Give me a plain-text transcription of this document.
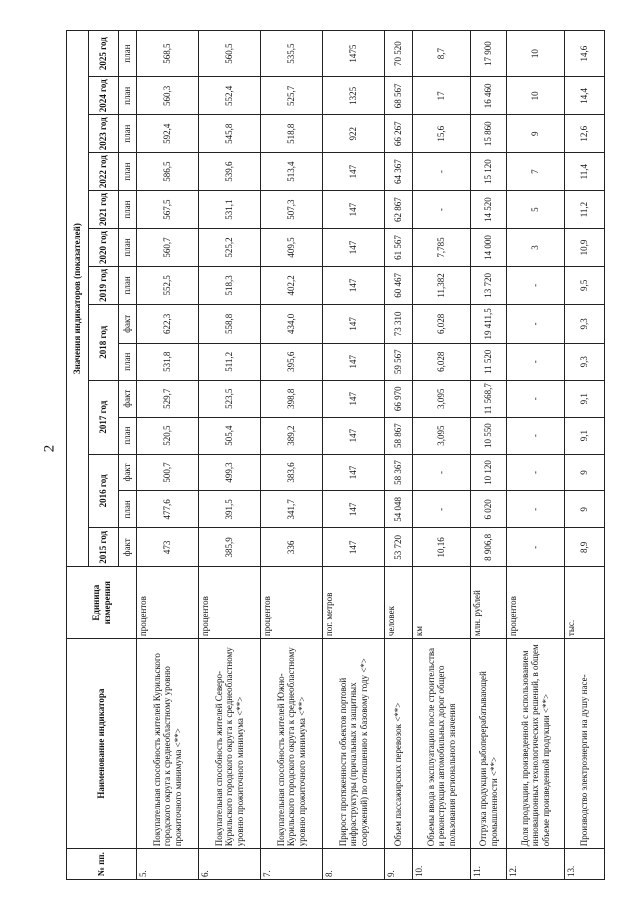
2
№ пп.	Наименование индикатора	Единица измерения	Значения индикаторов (показателей)													
			2015 год	2016 год		2017 год		2018 год		2019 год	2020 год	2021 год	2022 год	2023 год	2024 год	2025 год
			факт	план	факт	план	факт	план	факт	план	план	план	план	план	план	план
5.	Покупательная способность жителей Курильского городского округа к среднеобластному уровню прожиточного минимума <**>	процентов	473	477,6	500,7	520,5	529,7	531,8	622,3	552,5	560,7	567,5	586,5	592,4	560,3	568,5
6.	Покупательная способность жителей Северо-Курильского городского округа к среднеобластному уровню прожиточного минимума <**>	процентов	385,9	391,5	499,3	505,4	523,5	511,2	558,8	518,3	525,2	531,1	539,6	545,8	552,4	560,5
7.	Покупательная способность жителей Южно-Курильского городского округа к среднеобластному уровню прожиточного минимума <**>	процентов	336	341,7	383,6	389,2	398,8	395,6	434,0	402,2	409,5	507,3	513,4	518,8	525,7	535,5
8.	Прирост протяженности объектов портовой инфраструктуры (причальных и защитных сооружений) по отношению к базовому году <*>	пог. метров	147	147	147	147	147	147	147	147	147	147	147	922	1325	1475
9.	Объем пассажирских перевозок <**>	человек	53 720	54 048	58 367	58 867	66 970	59 567	73 310	60 467	61 567	62 867	64 367	66 267	68 567	70 520
10.	Объемы ввода в эксплуатацию после строительства и реконструкции автомобильных дорог общего пользования регионального значения	км	10,16	-	-	3,095	3,095	6,028	6,028	11,382	7,785	-	-	15,6	17	8,7
11.	Отгрузка продукции рыбоперерабатывающей промышленности <**>	млн. рублей	8 906,8	6 020	10 120	10 550	11 568,7	11 520	19 411,5	13 720	14 000	14 520	15 120	15 860	16 460	17 900
12.	Доля продукции, произведенной с использованием инновационных технологических решений, в общем объеме произведенной продукции <**>	процентов	-	-	-	-	-	-	-	-	3	5	7	9	10	10
13.	Производство электроэнергии на душу насе-	тыс.	8,9	9	9	9,1	9,1	9,3	9,3	9,5	10,9	11,2	11,4	12,6	14,4	14,6
